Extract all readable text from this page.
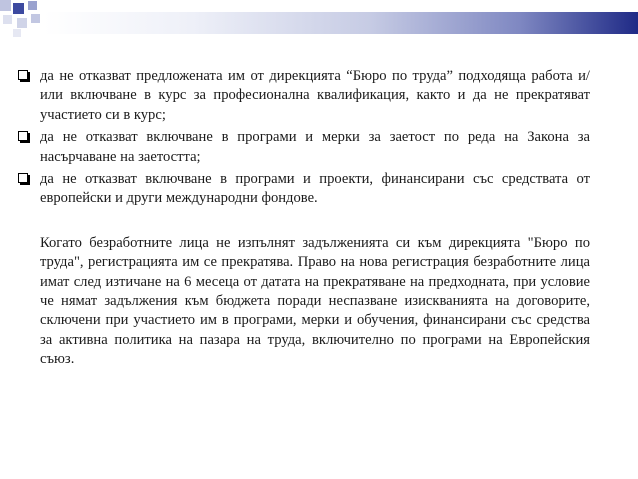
да не отказват предложената им от дирекцията “Бюро по труда” подходяща работа и/или включване в курс за професионална квалификация, както и да не прекратяват участието си в курс;
да не отказват включване в програми и мерки за заетост по реда на Закона за насърчаване на заетостта;
да не отказват включване в програми и проекти, финансирани със средствата от европейски и други международни фондове.
Когато безработните лица не изпълнят задълженията си към дирекцията "Бюро по труда", регистрацията им се прекратява. Право на нова регистрация безработните лица имат след изтичане на 6 месеца от датата на прекратяване на предходната, при условие че нямат задължения към бюджета поради неспазване изискванията на договорите, сключени при участието им в програми, мерки и обучения, финансирани със средства за активна политика на пазара на труда, включително по програми на Европейския съюз.
